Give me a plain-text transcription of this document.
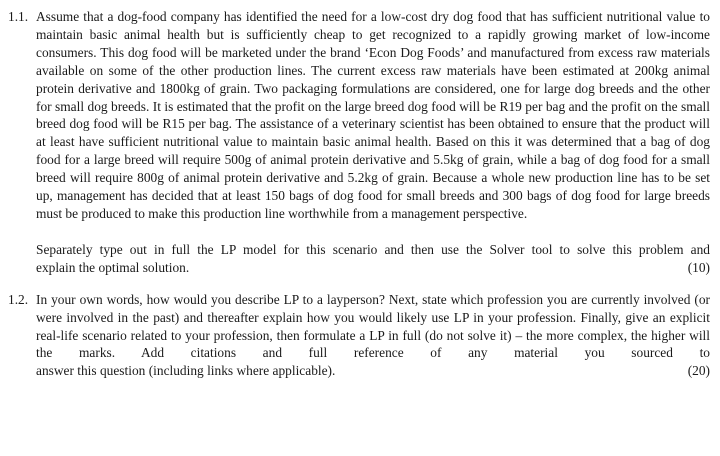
1.1. Assume that a dog-food company has identified the need for a low-cost dry dog food that has sufficient nutritional value to maintain basic animal health but is sufficiently cheap to get recognized to a rapidly growing market of low-income consumers. This dog food will be marketed under the brand ‘Econ Dog Foods’ and manufactured from excess raw materials available on some of the other production lines. The current excess raw materials have been estimated at 200kg animal protein derivative and 1800kg of grain. Two packaging formulations are considered, one for large dog breeds and the other for small dog breeds. It is estimated that the profit on the large breed dog food will be R19 per bag and the profit on the small breed dog food will be R15 per bag. The assistance of a veterinary scientist has been obtained to ensure that the product will at least have sufficient nutritional value to maintain basic animal health. Based on this it was determined that a bag of dog food for a large breed will require 500g of animal protein derivative and 5.5kg of grain, while a bag of dog food for a small breed will require 800g of animal protein derivative and 5.2kg of grain. Because a whole new production line has to be set up, management has decided that at least 150 bags of dog food for small breeds and 300 bags of dog food for large breeds must be produced to make this production line worthwhile from a management perspective.

Separately type out in full the LP model for this scenario and then use the Solver tool to solve this problem and

explain the optimal solution.	(10)
1.2. In your own words, how would you describe LP to a layperson? Next, state which profession you are currently involved (or were involved in the past) and thereafter explain how you would likely use LP in your profession. Finally, give an explicit real-life scenario related to your profession, then formulate a LP in full (do not solve it) – the more complex, the higher will the marks. Add citations and full reference of any material you sourced to

answer this question (including links where applicable).	(20)
